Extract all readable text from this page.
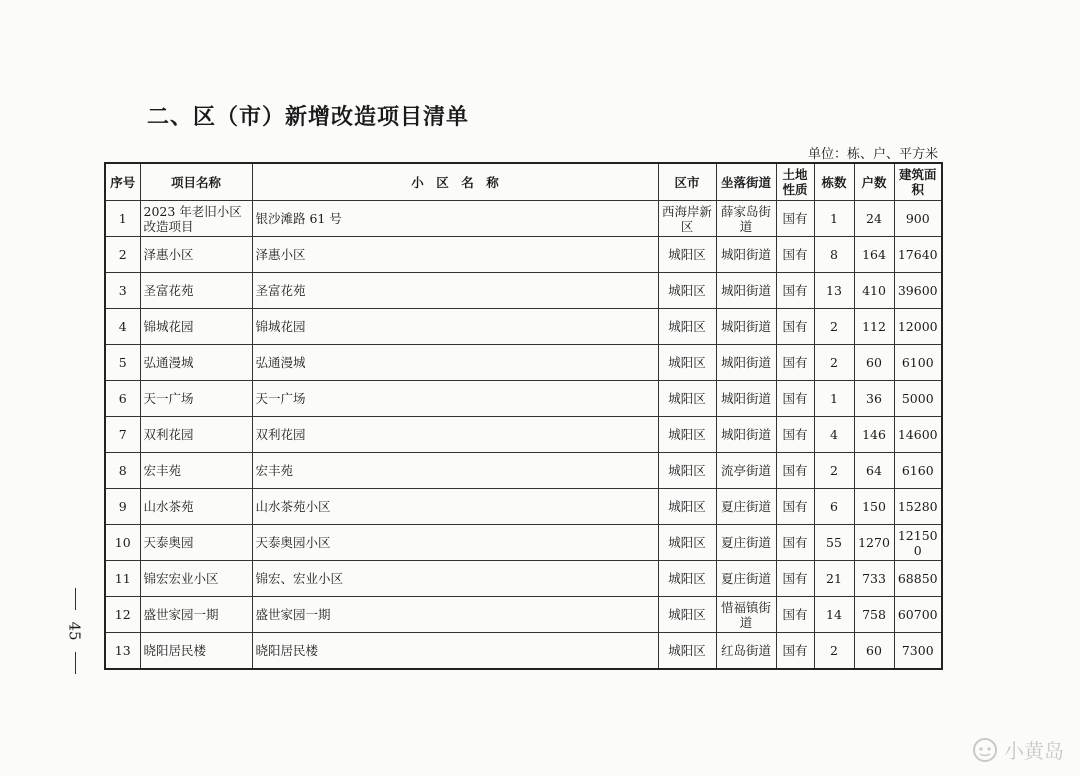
二、区（市）新增改造项目清单
单位：栋、户、平方米
序号	项目名称	小　区　名　称	区市	坐落街道	土地性质	栋数	户数	建筑面积
1	2023 年老旧小区改造项目	银沙滩路 61 号	西海岸新区	薛家岛街道	国有	1	24	900
2	泽惠小区	泽惠小区	城阳区	城阳街道	国有	8	164	17640
3	圣富花苑	圣富花苑	城阳区	城阳街道	国有	13	410	39600
4	锦城花园	锦城花园	城阳区	城阳街道	国有	2	112	12000
5	弘通漫城	弘通漫城	城阳区	城阳街道	国有	2	60	6100
6	天一广场	天一广场	城阳区	城阳街道	国有	1	36	5000
7	双利花园	双利花园	城阳区	城阳街道	国有	4	146	14600
8	宏丰苑	宏丰苑	城阳区	流亭街道	国有	2	64	6160
9	山水茶苑	山水茶苑小区	城阳区	夏庄街道	国有	6	150	15280
10	天泰奥园	天泰奥园小区	城阳区	夏庄街道	国有	55	1270	121500
11	锦宏宏业小区	锦宏、宏业小区	城阳区	夏庄街道	国有	21	733	68850
12	盛世家园一期	盛世家园一期	城阳区	惜福镇街道	国有	14	758	60700
13	晓阳居民楼	晓阳居民楼	城阳区	红岛街道	国有	2	60	7300
45
小黄岛
